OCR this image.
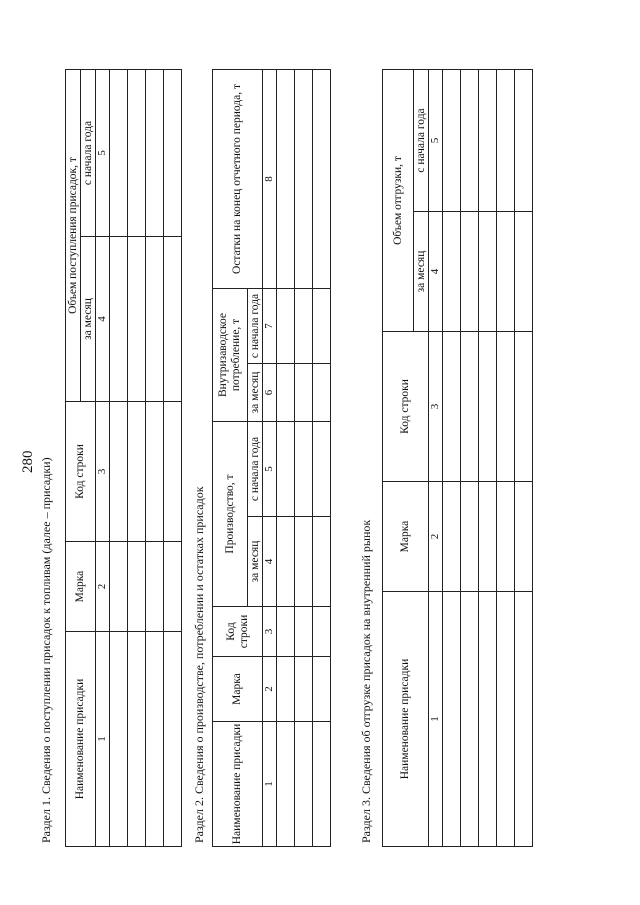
280 Раздел 1. Сведения о поступлении присадок к топливам (далее – присадки) Наименование присадки	Марка	Код строки	Объем поступления присадок, т	
			за месяц	с начала года
1	2	3	4	5

Раздел 2. Сведения о производстве, потреблении и остатках присадок Наименование присадки	Марка	Код строки	Производство, т		Внутризаводское потребление, т		Остатки на конец отчетного периода, т
			за месяц	с начала года	за месяц	с начала года	
1	2	3	4	5	6	7	8

Раздел 3. Сведения об отгрузке присадок на внутренний рынок Наименование присадки	Марка	Код строки	Объем отгрузки, т	
			за месяц	с начала года
1	2	3	4	5
